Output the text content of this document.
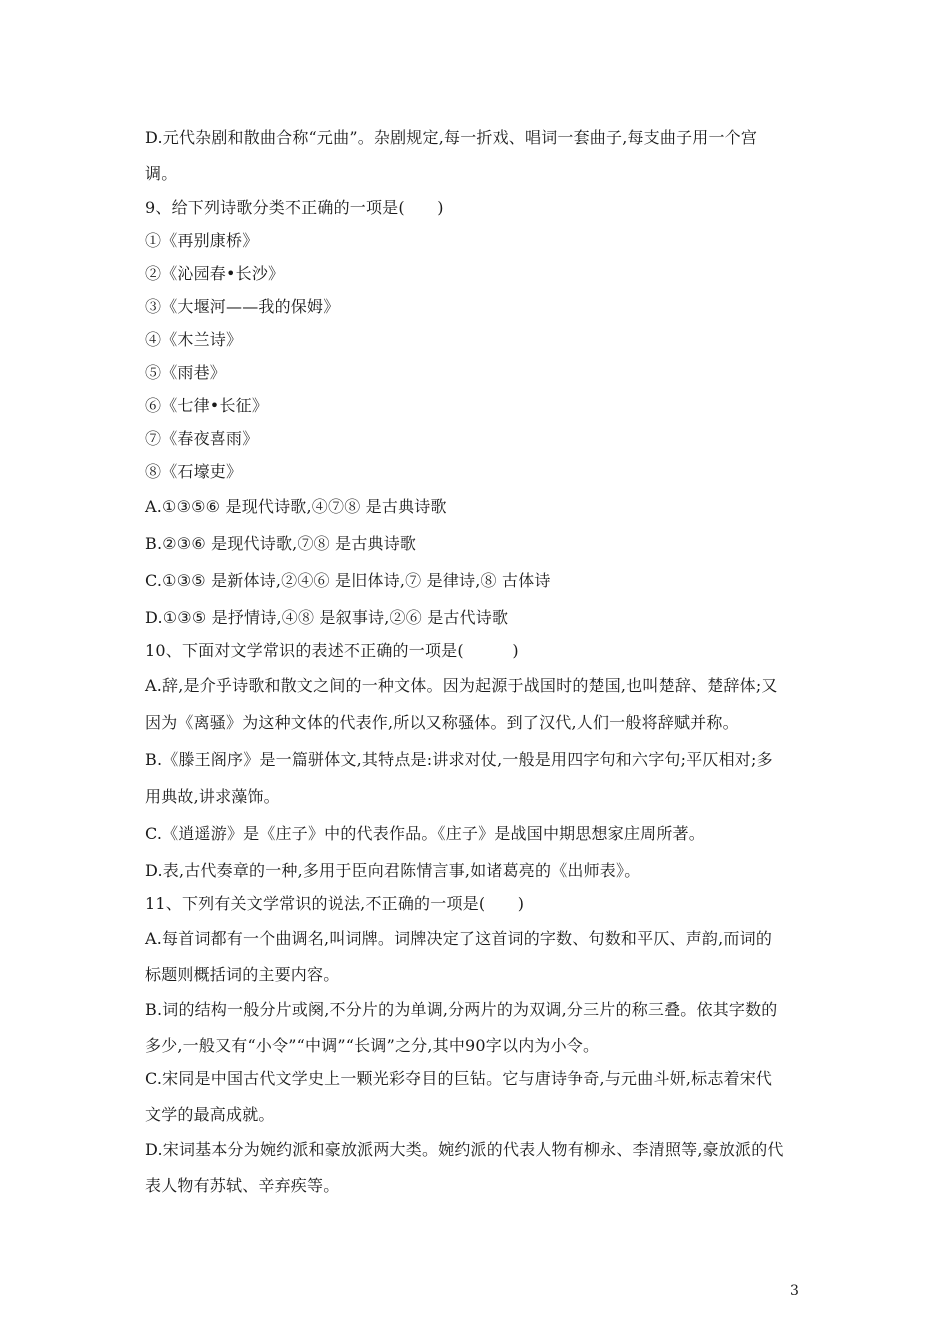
D.元代杂剧和散曲合称“元曲”。杂剧规定,每一折戏、唱词一套曲子,每支曲子用一个宫
调。
9、给下列诗歌分类不正确的一项是(　　)
①《再别康桥》
②《沁园春•长沙》
③《大堰河——我的保姆》
④《木兰诗》
⑤《雨巷》
⑥《七律•长征》
⑦《春夜喜雨》
⑧《石壕吏》
A.①③⑤⑥ 是现代诗歌,④⑦⑧ 是古典诗歌
B.②③⑥ 是现代诗歌,⑦⑧ 是古典诗歌
C.①③⑤ 是新体诗,②④⑥ 是旧体诗,⑦ 是律诗,⑧ 古体诗
D.①③⑤ 是抒情诗,④⑧ 是叙事诗,②⑥ 是古代诗歌
10、下面对文学常识的表述不正确的一项是(　　　)
A.辞,是介乎诗歌和散文之间的一种文体。因为起源于战国时的楚国,也叫楚辞、楚辞体;又
因为《离骚》为这种文体的代表作,所以又称骚体。到了汉代,人们一般将辞赋并称。
B.《滕王阁序》是一篇骈体文,其特点是:讲求对仗,一般是用四字句和六字句;平仄相对;多
用典故,讲求藻饰。
C.《逍遥游》是《庄子》中的代表作品。《庄子》是战国中期思想家庄周所著。
D.表,古代奏章的一种,多用于臣向君陈情言事,如诸葛亮的《出师表》。
11、下列有关文学常识的说法,不正确的一项是(　　)
A.每首词都有一个曲调名,叫词牌。词牌决定了这首词的字数、句数和平仄、声韵,而词的
标题则概括词的主要内容。
B.词的结构一般分片或阕,不分片的为单调,分两片的为双调,分三片的称三叠。依其字数的
多少,一般又有“小令”“中调”“长调”之分,其中90字以内为小令。
C.宋同是中国古代文学史上一颗光彩夺目的巨钻。它与唐诗争奇,与元曲斗妍,标志着宋代
文学的最高成就。
D.宋词基本分为婉约派和豪放派两大类。婉约派的代表人物有柳永、李清照等,豪放派的代
表人物有苏轼、辛弃疾等。
3
